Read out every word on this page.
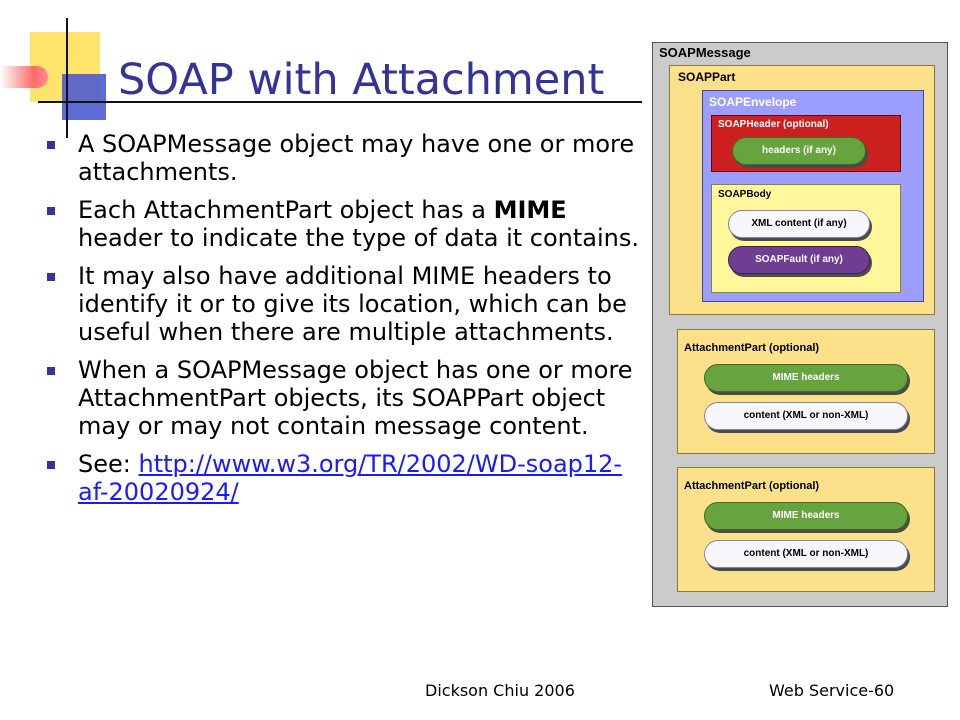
SOAP with Attachment
A SOAPMessage object may have one or more attachments.
Each AttachmentPart object has a MIME header to indicate the type of data it contains.
It may also have additional MIME headers to identify it or to give its location, which can be useful when there are multiple attachments.
When a SOAPMessage object has one or more AttachmentPart objects, its SOAPPart object may or may not contain message content.
See: http://www.w3.org/TR/2002/WD-soap12-af-20020924/
SOAPMessage
SOAPPart
SOAPEnvelope
SOAPHeader (optional)
headers (if any)
SOAPBody
XML content (if any)
SOAPFault (if any)
AttachmentPart (optional)
MIME headers
content (XML or non-XML)
AttachmentPart (optional)
MIME headers
content (XML or non-XML)
Dickson Chiu 2006	Web Service-60
